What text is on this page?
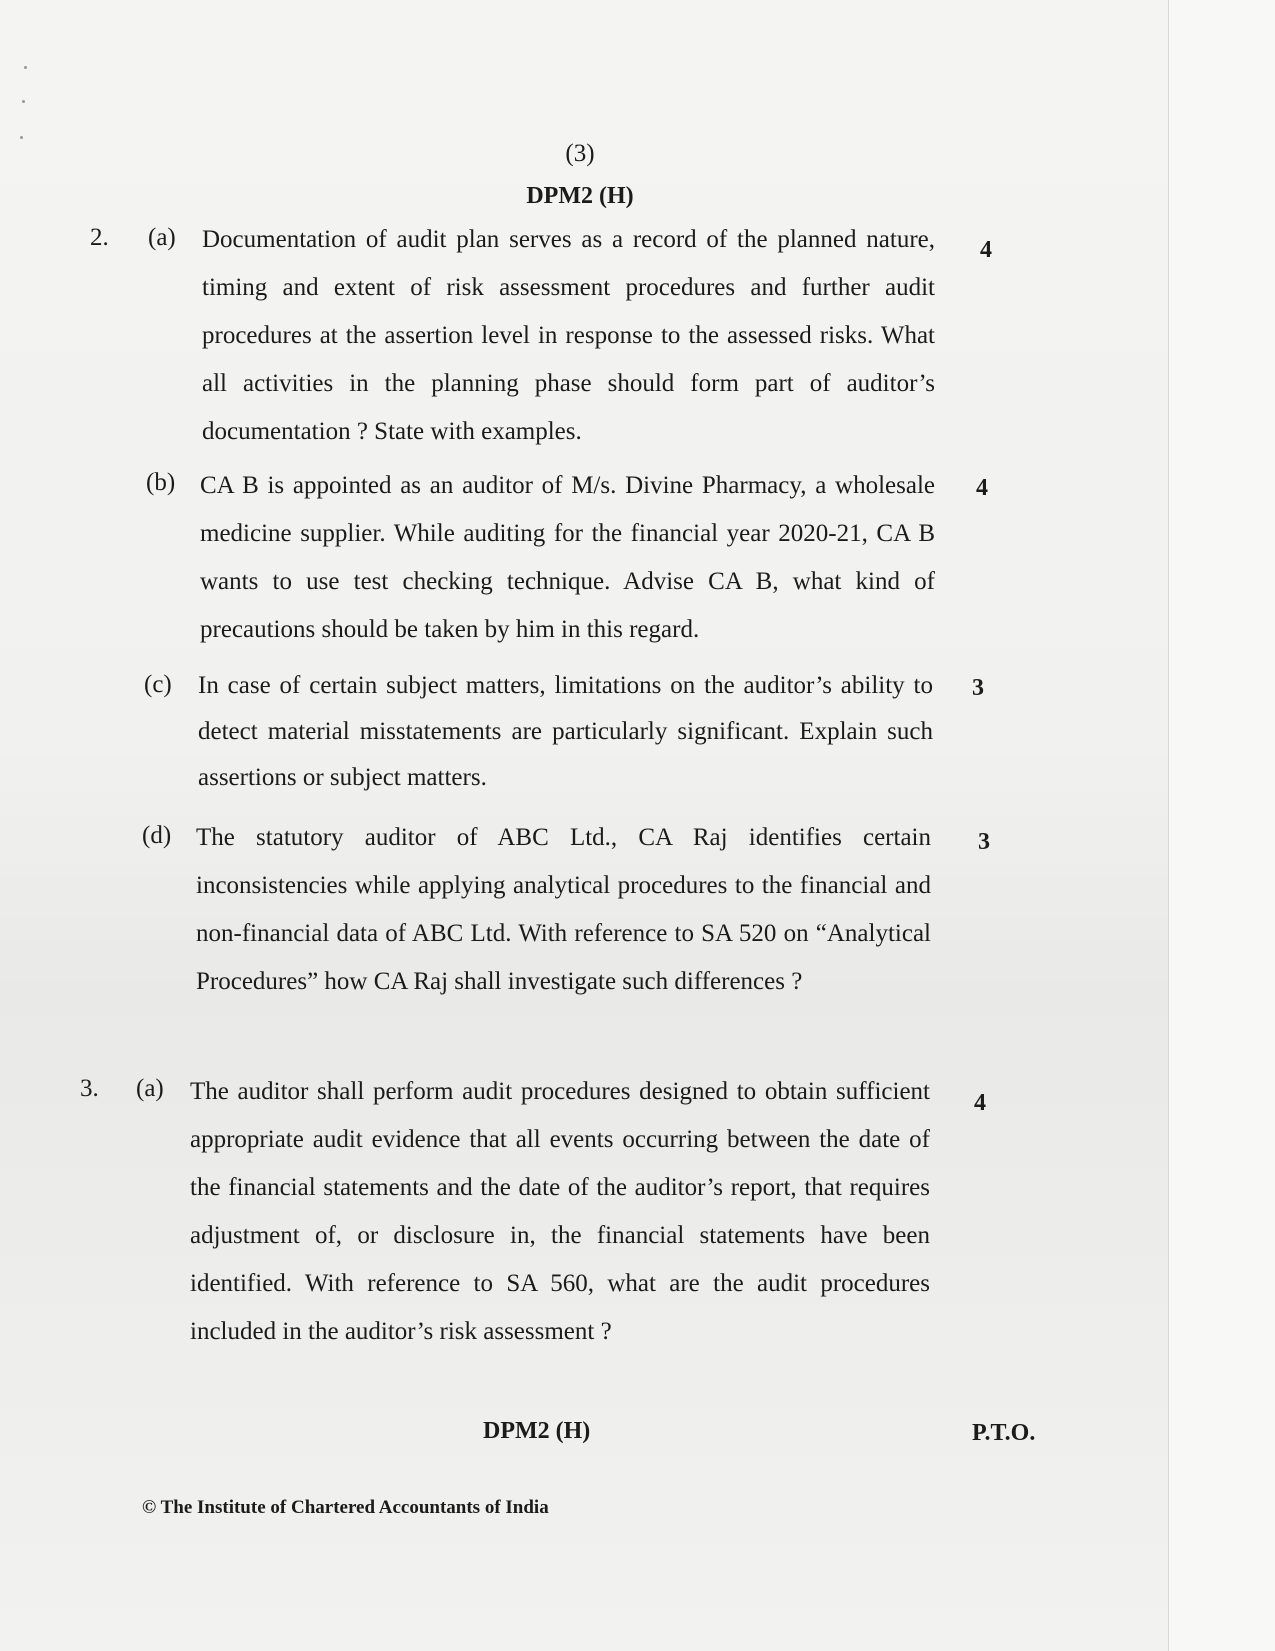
(3)
DPM2 (H)
2. (a) Documentation of audit plan serves as a record of the planned nature, timing and extent of risk assessment procedures and further audit procedures at the assertion level in response to the assessed risks. What all activities in the planning phase should form part of auditor’s documentation ? State with examples.
4
(b) CA B is appointed as an auditor of M/s. Divine Pharmacy, a wholesale medicine supplier. While auditing for the financial year 2020-21, CA B wants to use test checking technique. Advise CA B, what kind of precautions should be taken by him in this regard.
4
(c) In case of certain subject matters, limitations on the auditor’s ability to detect material misstatements are particularly significant. Explain such assertions or subject matters.
3
(d) The statutory auditor of ABC Ltd., CA Raj identifies certain inconsistencies while applying analytical procedures to the financial and non-financial data of ABC Ltd. With reference to SA 520 on “Analytical Procedures” how CA Raj shall investigate such differences ?
3
3. (a) The auditor shall perform audit procedures designed to obtain sufficient appropriate audit evidence that all events occurring between the date of the financial statements and the date of the auditor’s report, that requires adjustment of, or disclosure in, the financial statements have been identified. With reference to SA 560, what are the audit procedures included in the auditor’s risk assessment ?
4
DPM2 (H)	P.T.O.
© The Institute of Chartered Accountants of India
